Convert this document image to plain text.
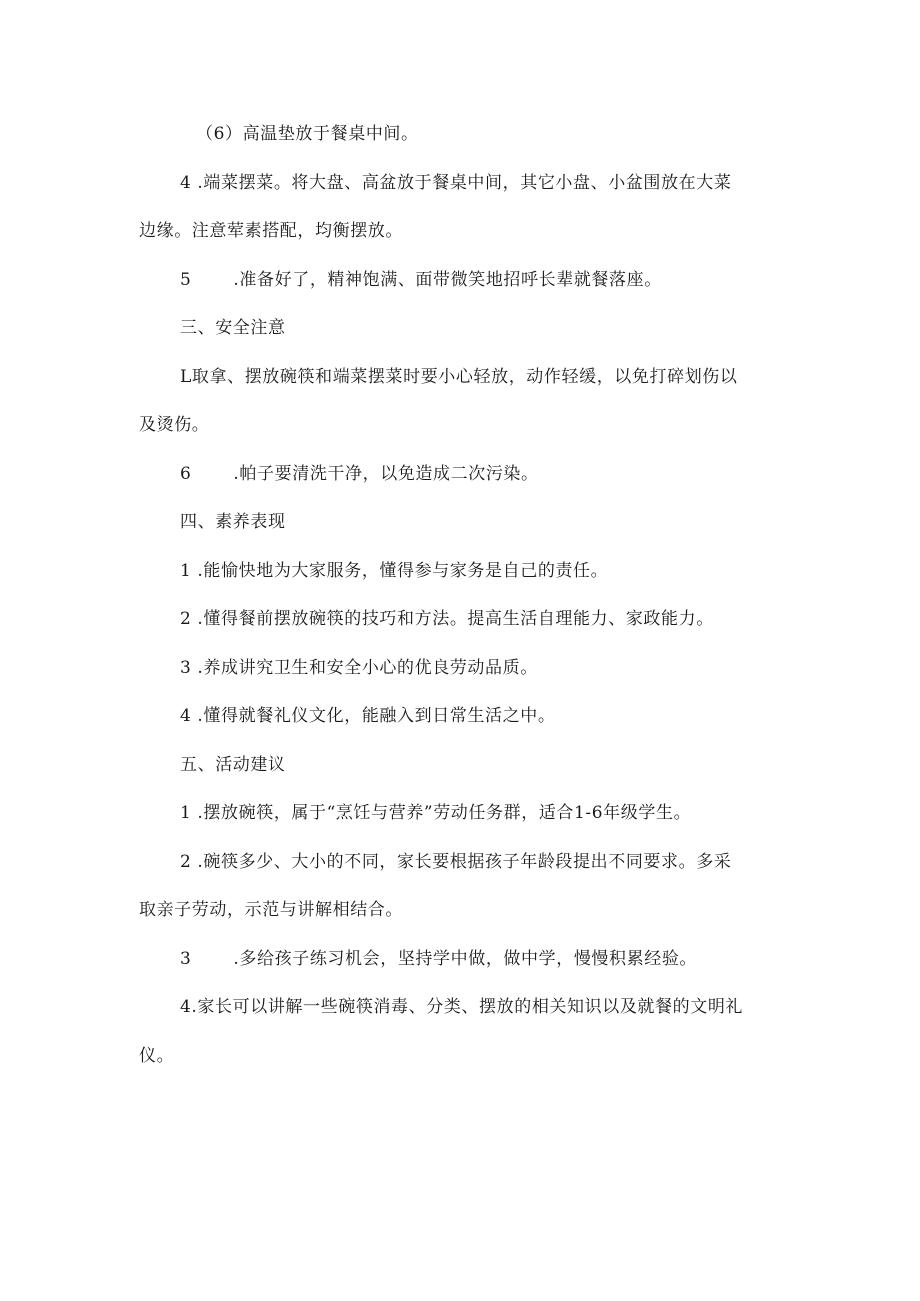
（6）高温垫放于餐桌中间。
4 .端菜摆菜。将大盘、高盆放于餐桌中间，其它小盘、小盆围放在大菜
边缘。注意荤素搭配，均衡摆放。
5 .准备好了，精神饱满、面带微笑地招呼长辈就餐落座。
三、安全注意
L取拿、摆放碗筷和端菜摆菜时要小心轻放，动作轻缓，以免打碎划伤以
及烫伤。
6 .帕子要清洗干净，以免造成二次污染。
四、素养表现
1 .能愉快地为大家服务，懂得参与家务是自己的责任。
2 .懂得餐前摆放碗筷的技巧和方法。提高生活自理能力、家政能力。
3 .养成讲究卫生和安全小心的优良劳动品质。
4 .懂得就餐礼仪文化，能融入到日常生活之中。
五、活动建议
1 .摆放碗筷，属于“烹饪与营养”劳动任务群，适合1-6年级学生。
2 .碗筷多少、大小的不同，家长要根据孩子年龄段提出不同要求。多采
取亲子劳动，示范与讲解相结合。
3 .多给孩子练习机会，坚持学中做，做中学，慢慢积累经验。
4.家长可以讲解一些碗筷消毒、分类、摆放的相关知识以及就餐的文明礼
仪。
